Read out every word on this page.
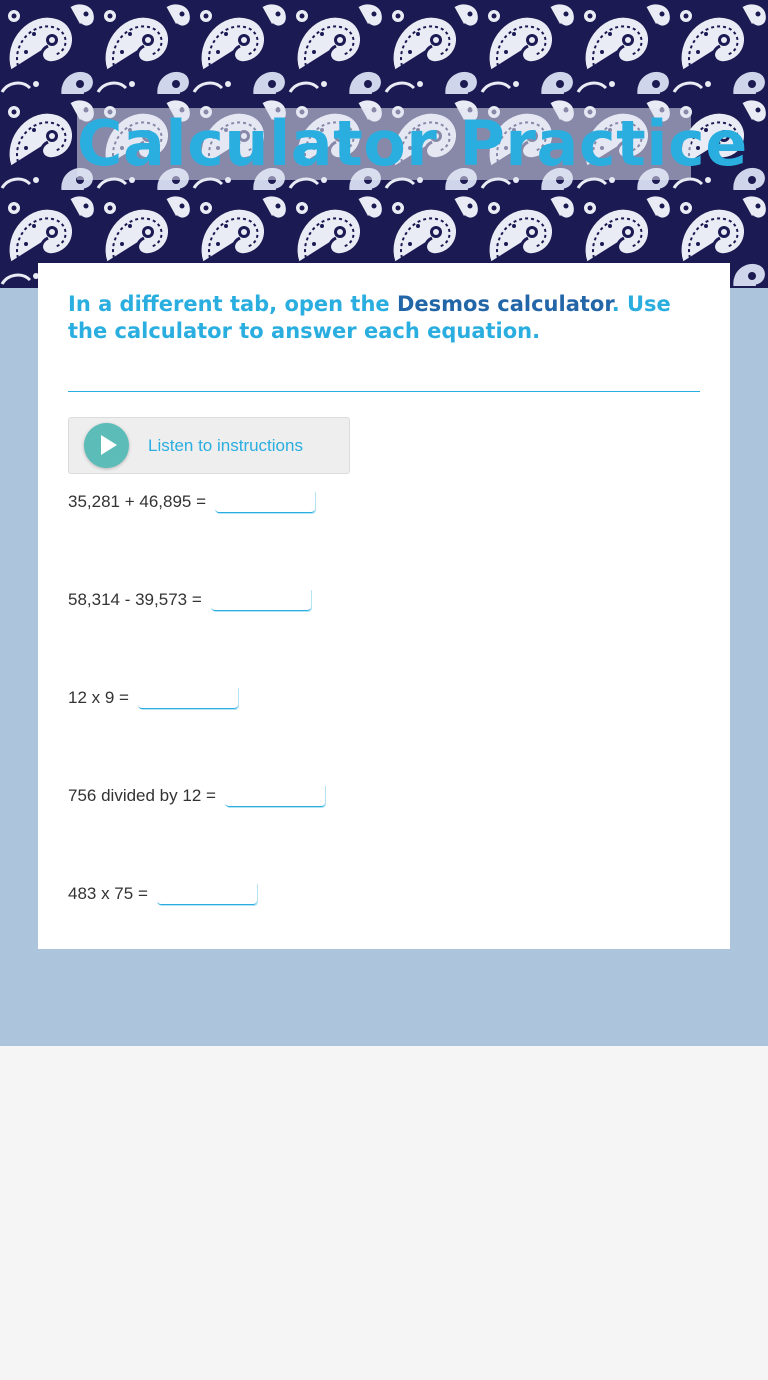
Calculator Practice

In a different tab, open the Desmos calculator. Use the calculator to answer each equation.

Listen to instructions
35,281 + 46,895 =
58,314 - 39,573 =
12 x 9 =
756 divided by 12 =
483 x 75 =
